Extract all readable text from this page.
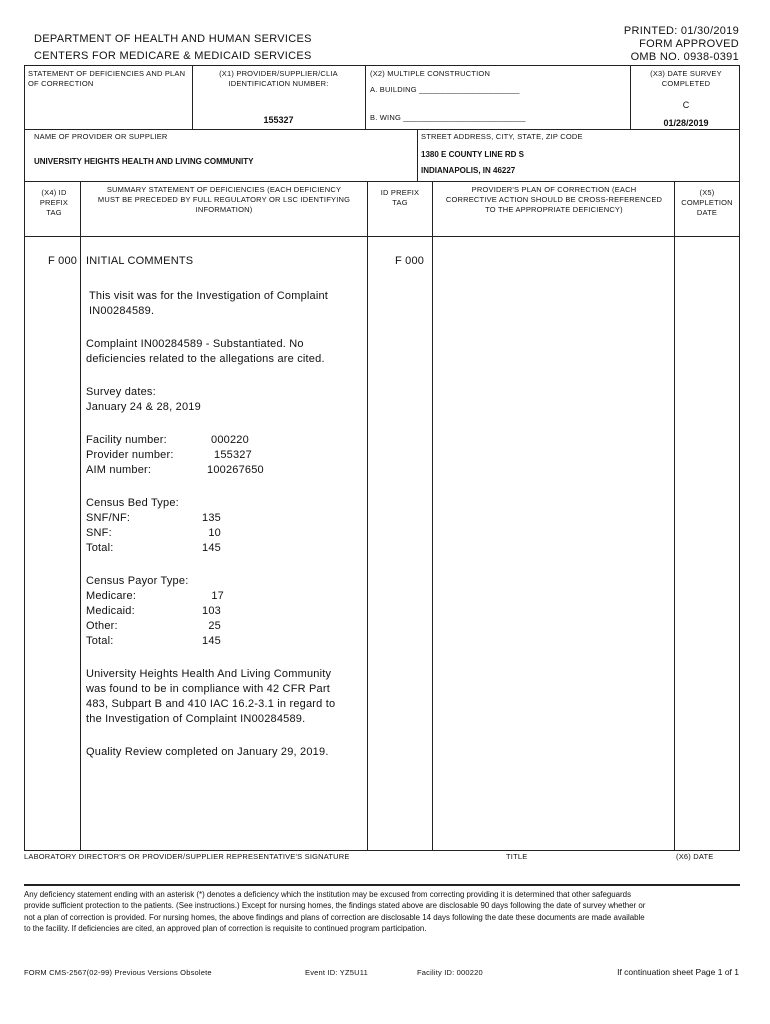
DEPARTMENT OF HEALTH AND HUMAN SERVICES
CENTERS FOR MEDICARE & MEDICAID SERVICES
PRINTED: 01/30/2019
FORM APPROVED
OMB NO. 0938-0391
STATEMENT OF DEFICIENCIES AND PLAN OF CORRECTION
(X1) PROVIDER/SUPPLIER/CLIA IDENTIFICATION NUMBER:
155327
(X2) MULTIPLE CONSTRUCTION
A. BUILDING _______________________
B. WING ____________________________
(X3) DATE SURVEY COMPLETED
C
01/28/2019
NAME OF PROVIDER OR SUPPLIER
UNIVERSITY HEIGHTS HEALTH AND LIVING COMMUNITY
STREET ADDRESS, CITY, STATE, ZIP CODE
1380 E COUNTY LINE RD S
INDIANAPOLIS, IN 46227
(X4) ID PREFIX TAG
SUMMARY STATEMENT OF DEFICIENCIES (EACH DEFICIENCY MUST BE PRECEDED BY FULL REGULATORY OR LSC IDENTIFYING INFORMATION)
ID PREFIX TAG
PROVIDER'S PLAN OF CORRECTION (EACH CORRECTIVE ACTION SHOULD BE CROSS-REFERENCED TO THE APPROPRIATE DEFICIENCY)
(X5) COMPLETION DATE
F 000 INITIAL COMMENTS	F 000
This visit was for the Investigation of Complaint IN00284589.
Complaint IN00284589 - Substantiated. No deficiencies related to the allegations are cited.
Survey dates:
January 24 & 28, 2019
Facility number:	000220
Provider number:	155327
AIM number:	100267650
Census Bed Type:
SNF/NF:	135
SNF:	10
Total:	145
Census Payor Type:
Medicare:	17
Medicaid:	103
Other:	25
Total:	145
University Heights Health And Living Community was found to be in compliance with 42 CFR Part 483, Subpart B and 410 IAC 16.2-3.1 in regard to the Investigation of Complaint IN00284589.
Quality Review completed on January 29, 2019.
LABORATORY DIRECTOR'S OR PROVIDER/SUPPLIER REPRESENTATIVE'S SIGNATURE	TITLE	(X6) DATE
Any deficiency statement ending with an asterisk (*) denotes a deficiency which the institution may be excused from correcting providing it is determined that other safeguards provide sufficient protection to the patients. (See instructions.) Except for nursing homes, the findings stated above are disclosable 90 days following the date of survey whether or not a plan of correction is provided. For nursing homes, the above findings and plans of correction are disclosable 14 days following the date these documents are made available to the facility. If deficiencies are cited, an approved plan of correction is requisite to continued program participation.
FORM CMS-2567(02-99) Previous Versions Obsolete	Event ID: YZ5U11	Facility ID: 000220	If continuation sheet Page 1 of 1
